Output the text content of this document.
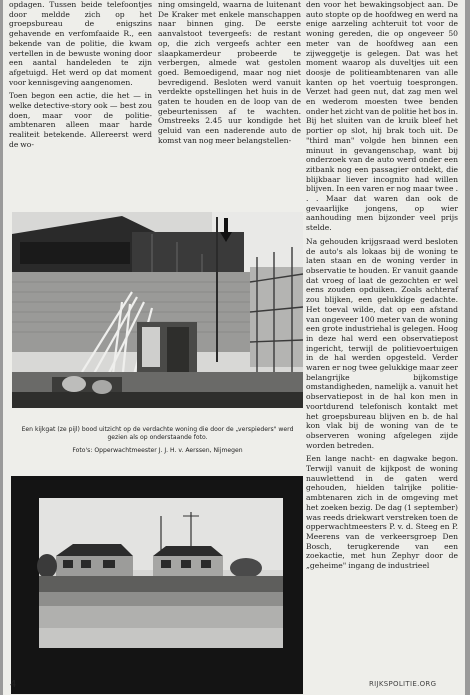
opdagen. Tussen beide telefoontjes door meldde zich op het groepsbureau de enigszins gehavende en verfomfaaide R., een bekende van de politie, die kwam vertellen in de bewuste woning door een aantal handeleden te zijn afgetuigd. Het werd op dat moment voor kennisgeving aangenomen.

Toen begon een actie, die het — in welke detective-story ook — best zou doen, maar voor de politie-ambtenaren alleen maar harde realiteit betekende. Allereerst werd de wo-

ning omsingeld, waarna de luitenant De Kraker met enkele manschappen naar binnen ging. De eerste aanvalstoot tevergeefs: de restant op, die zich vergeefs achter een slaapkamerdeur probeerde te verbergen, almede wat gestolen goed. Bemoedigend, maar nog niet bevredigend. Besloten werd vanuit verdekte opstellingen het huis in de gaten te houden en de loop van de gebeurtenissen af te wachten. Omstreeks 2.45 uur kondigde het geluid van een naderende auto de komst van nog meer belangstellen-

den voor het bewakingsobject aan. De auto stopte op de hoofdweg en werd na enige aarzeling achteruit tot voor de woning gereden, die op ongeveer 50 meter van de hoofdweg aan een zijweggetje is gelegen. Dat was het moment waarop als duveltjes uit een doosje de politieambtenaren van alle kanten op het voertuig toesprongen. Verzet had geen nut, dat zag men wel en wederom moesten twee benden onder het zicht van de politie het bos in. Bij het sluiten van de kruik bleef het portier op slot, hij brak toch uit. De "third man" volgde hen binnen een minuut in gevangenschap, want bij onderzoek van de auto werd onder een zitbank nog een passagier ontdekt, die blijkbaar liever incognito had willen blijven. In een varen er nog maar twee . . . Maar dat waren dan ook de gevaarlijke jongens, op wier aanhouding men bijzonder veel prijs stelde.

Na gehouden krijgsraad werd besloten de auto's als lokaas bij de woning te laten staan en de woning verder in observatie te houden. Er vanuit gaande dat vroeg of laat de gezochten er wel eens zouden opduiken. Zoals achteraf zou blijken, een gelukkige gedachte. Het toeval wilde, dat op een afstand van ongeveer 100 meter van de woning een grote industriehal is gelegen. Hoog in deze hal werd een observatiepost ingericht, terwijl de politievoertuigen in de hal werden opgesteld. Verder waren er nog twee gelukkige maar zeer belangrijke bijkomstige omstandigheden, namelijk a. vanuit het observatiepost in de hal kon men in voortdurend telefonisch kontakt met het groepsbureau blijven en b. de hal kon vlak bij de woning van de te observeren woning afgelegen zijde worden betreden.

Een lange nacht- en dagwake begon. Terwijl vanuit de kijkpost de woning nauwlettend in de gaten werd gehouden, hielden talrijke politie-ambtenaren zich in de omgeving met het zoeken bezig. De dag (1 september) was reeds driekwart verstreken toen de opperwachtmeesters P. v. d. Steeg en P. Meerens van de verkeersgroep Den Bosch, terugkerende van een zoekactie, met hun Zephyr door de „geheime" ingang de industrieel

Een kijkgat (ze pijl) bood uitzicht op de verdachte woning die door de „verspieders" werd gezien als op onderstaande foto.
Foto's: Opperwachtmeester J. J. H. v. Aerssen, Nijmegen
4	RIJKSPOLITIE.ORG
